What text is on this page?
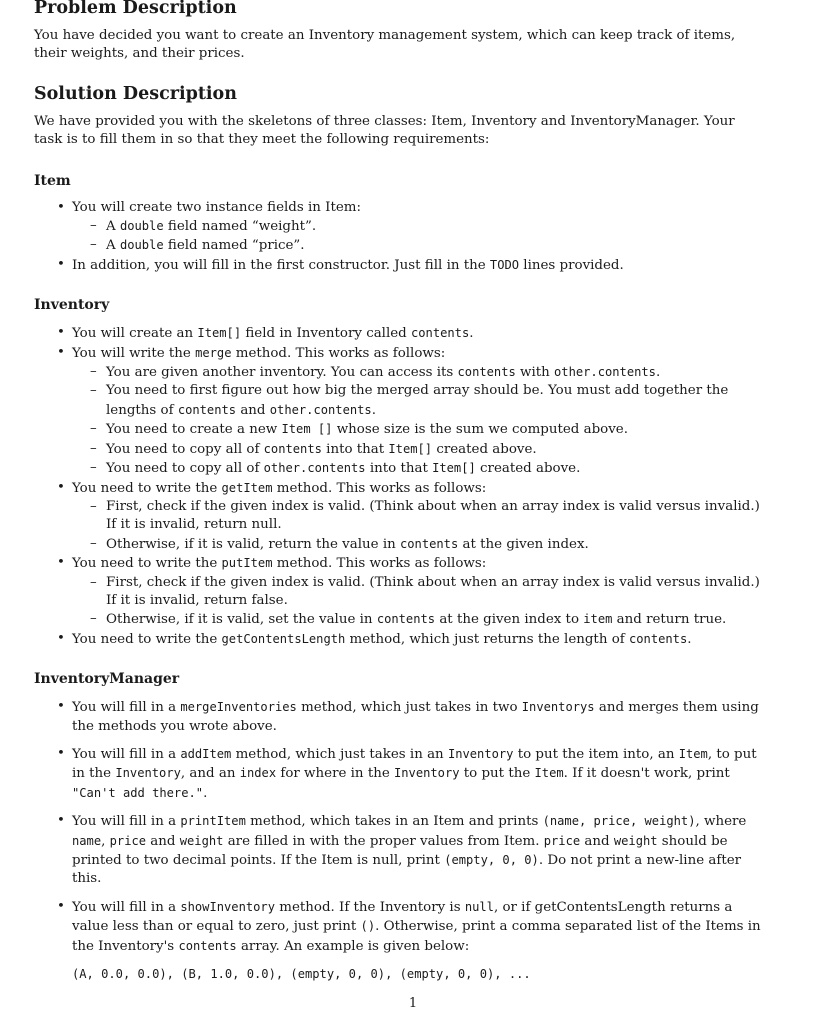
Problem Description

You have decided you want to create an Inventory management system, which can keep track of items, their weights, and their prices.

Solution Description

We have provided you with the skeletons of three classes: Item, Inventory and InventoryManager. Your task is to fill them in so that they meet the following requirements:

Item
• You will create two instance fields in Item:
– A double field named “weight”.
– A double field named “price”.
• In addition, you will fill in the first constructor. Just fill in the TODO lines provided.
Inventory
• You will create an Item[] field in Inventory called contents.
• You will write the merge method. This works as follows:
– You are given another inventory. You can access its contents with other.contents.
– You need to first figure out how big the merged array should be. You must add together the lengths of contents and other.contents.
– You need to create a new Item [] whose size is the sum we computed above.
– You need to copy all of contents into that Item[] created above.
– You need to copy all of other.contents into that Item[] created above.
• You need to write the getItem method. This works as follows:
– First, check if the given index is valid. (Think about when an array index is valid versus invalid.) If it is invalid, return null.
– Otherwise, if it is valid, return the value in contents at the given index.
• You need to write the putItem method. This works as follows:
– First, check if the given index is valid. (Think about when an array index is valid versus invalid.) If it is invalid, return false.
– Otherwise, if it is valid, set the value in contents at the given index to item and return true.
• You need to write the getContentsLength method, which just returns the length of contents.
InventoryManager
• You will fill in a mergeInventories method, which just takes in two Inventorys and merges them using the methods you wrote above.
• You will fill in a addItem method, which just takes in an Inventory to put the item into, an Item, to put in the Inventory, and an index for where in the Inventory to put the Item. If it doesn't work, print "Can't add there.".
• You will fill in a printItem method, which takes in an Item and prints (name, price, weight), where name, price and weight are filled in with the proper values from Item. price and weight should be printed to two decimal points. If the Item is null, print (empty, 0, 0). Do not print a new-line after this.
• You will fill in a showInventory method. If the Inventory is null, or if getContentsLength returns a value less than or equal to zero, just print (). Otherwise, print a comma separated list of the Items in the Inventory's contents array. An example is given below:
(A, 0.0, 0.0), (B, 1.0, 0.0), (empty, 0, 0), (empty, 0, 0), ...
1
